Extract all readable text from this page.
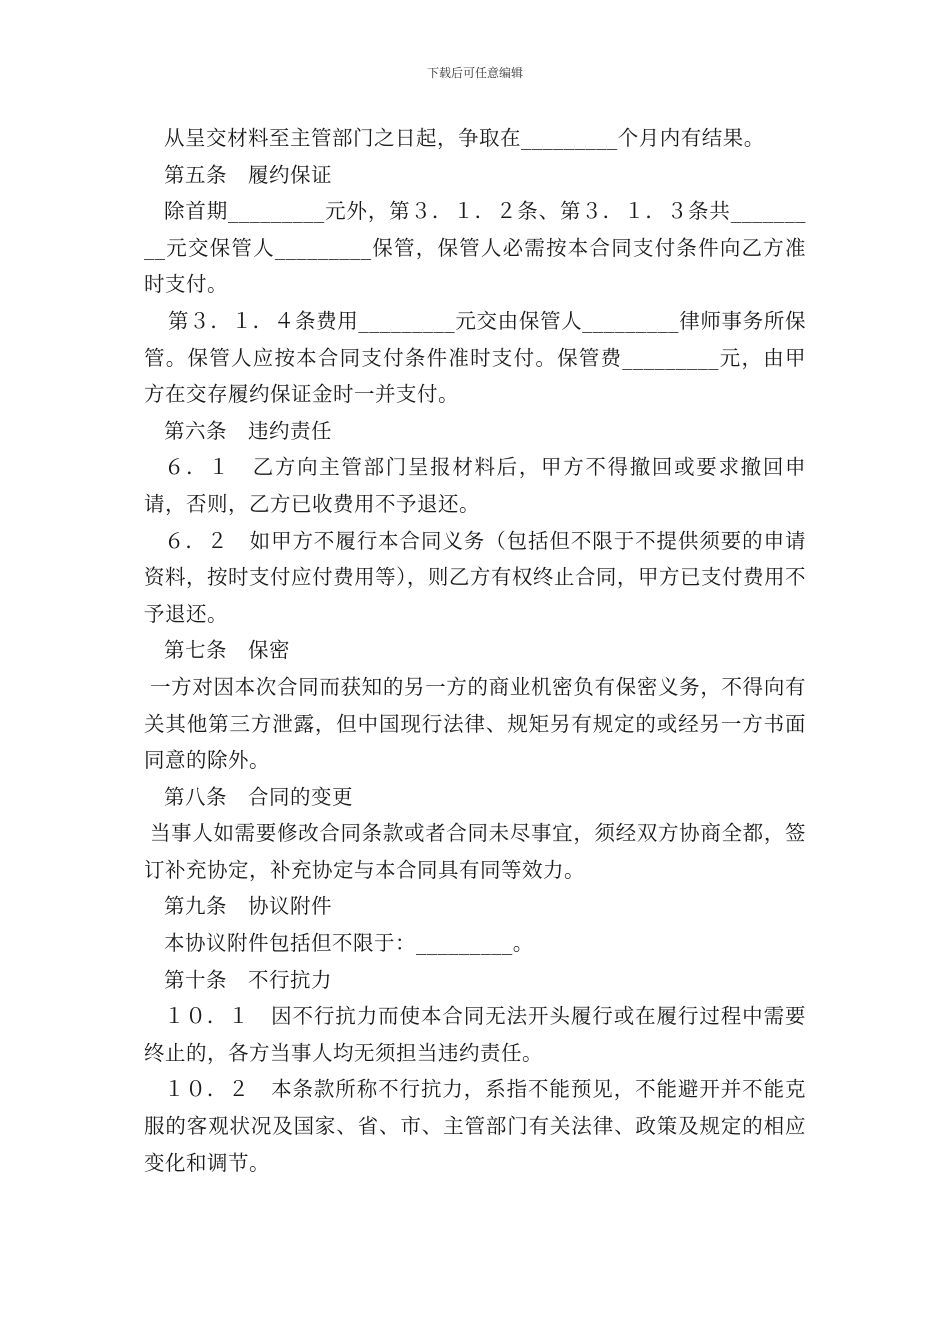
下载后可任意编辑

从呈交材料至主管部门之日起，争取在_________个月内有结果。

第五条　履约保证

除首期_________元外，第３．１．２条、第３．１．３条共_________元交保管人_________保管，保管人必需按本合同支付条件向乙方准时支付。

第３．１．４条费用_________元交由保管人_________律师事务所保管。保管人应按本合同支付条件准时支付。保管费_________元，由甲方在交存履约保证金时一并支付。

第六条　违约责任

６．１　乙方向主管部门呈报材料后，甲方不得撤回或要求撤回申请，否则，乙方已收费用不予退还。

６．２　如甲方不履行本合同义务（包括但不限于不提供须要的申请资料，按时支付应付费用等），则乙方有权终止合同，甲方已支付费用不予退还。

第七条　保密

一方对因本次合同而获知的另一方的商业机密负有保密义务，不得向有关其他第三方泄露，但中国现行法律、规矩另有规定的或经另一方书面同意的除外。

第八条　合同的变更

当事人如需要修改合同条款或者合同未尽事宜，须经双方协商全都，签订补充协定，补充协定与本合同具有同等效力。

第九条　协议附件

本协议附件包括但不限于：_________。

第十条　不行抗力

１０．１　因不行抗力而使本合同无法开头履行或在履行过程中需要终止的，各方当事人均无须担当违约责任。

１０．２　本条款所称不行抗力，系指不能预见，不能避开并不能克服的客观状况及国家、省、市、主管部门有关法律、政策及规定的相应变化和调节。
